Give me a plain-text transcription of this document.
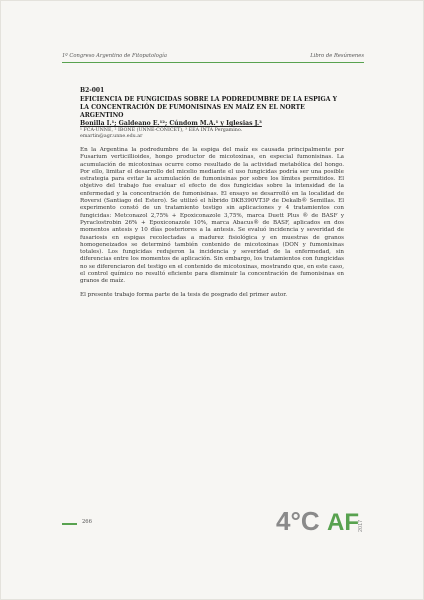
1º Congreso Argentino de Fitopatología	Libro de Resúmenes
B2-001
EFICIENCIA DE FUNGICIDAS SOBRE LA PODREDUMBRE DE LA ESPIGA Y LA CONCENTRACIÓN DE FUMONISINAS EN MAÍZ EN EL NORTE ARGENTINO
Bonilla I.¹; Galdeano E.¹²; Cúndom M.A.¹ y Iglesias J.³
¹ FCA-UNNE, ² IBONE (UNNE-CONICET), ³ EEA INTA Pergamino.
emartin@agr.unne.edu.ar
En la Argentina la podredumbre de la espiga del maíz es causada principalmente por Fusarium verticillioides, hongo productor de micotoxinas, en especial fumonisinas. La acumulación de micotoxinas ocurre como resultado de la actividad metabólica del hongo. Por ello, limitar el desarrollo del micelio mediante el uso fungicidas podría ser una posible estrategia para evitar la acumulación de fumonisinas por sobre los límites permitidos. El objetivo del trabajo fue evaluar el efecto de dos fungicidas sobre la intensidad de la enfermedad y la concentración de fumonisinas. El ensayo se desarrolló en la localidad de Roversi (Santiago del Estero). Se utilizó el híbrido DKB390VT3P de Dekalb® Semillas. El experimento constó de un tratamiento testigo sin aplicaciones y 4 tratamientos con fungicidas: Metconazol 2,75% + Epoxiconazole 3,75%, marca Duett Plus ® de BASF y Pyraclostrobin 26% + Epoxiconazole 10%, marca Abacus® de BASF, aplicados en dos momentos antesis y 10 días posteriores a la antesis. Se evaluó incidencia y severidad de fusariosis en espigas recolectadas a madurez fisiológica y en muestras de granos homogeneizados se determinó también contenido de micotoxinas (DON y fumonisinas totales). Los fungicidas redujeron la incidencia y severidad de la enfermedad, sin diferencias entre los momentos de aplicación. Sin embargo, los tratamientos con fungicidas no se diferenciaron del testigo en el contenido de micotoxinas, mostrando que, en este caso, el control químico no resultó eficiente para disminuir la concentración de fumonisinas en granos de maíz.
El presente trabajo forma parte de la tesis de posgrado del primer autor.
266	4°C AF 2017
